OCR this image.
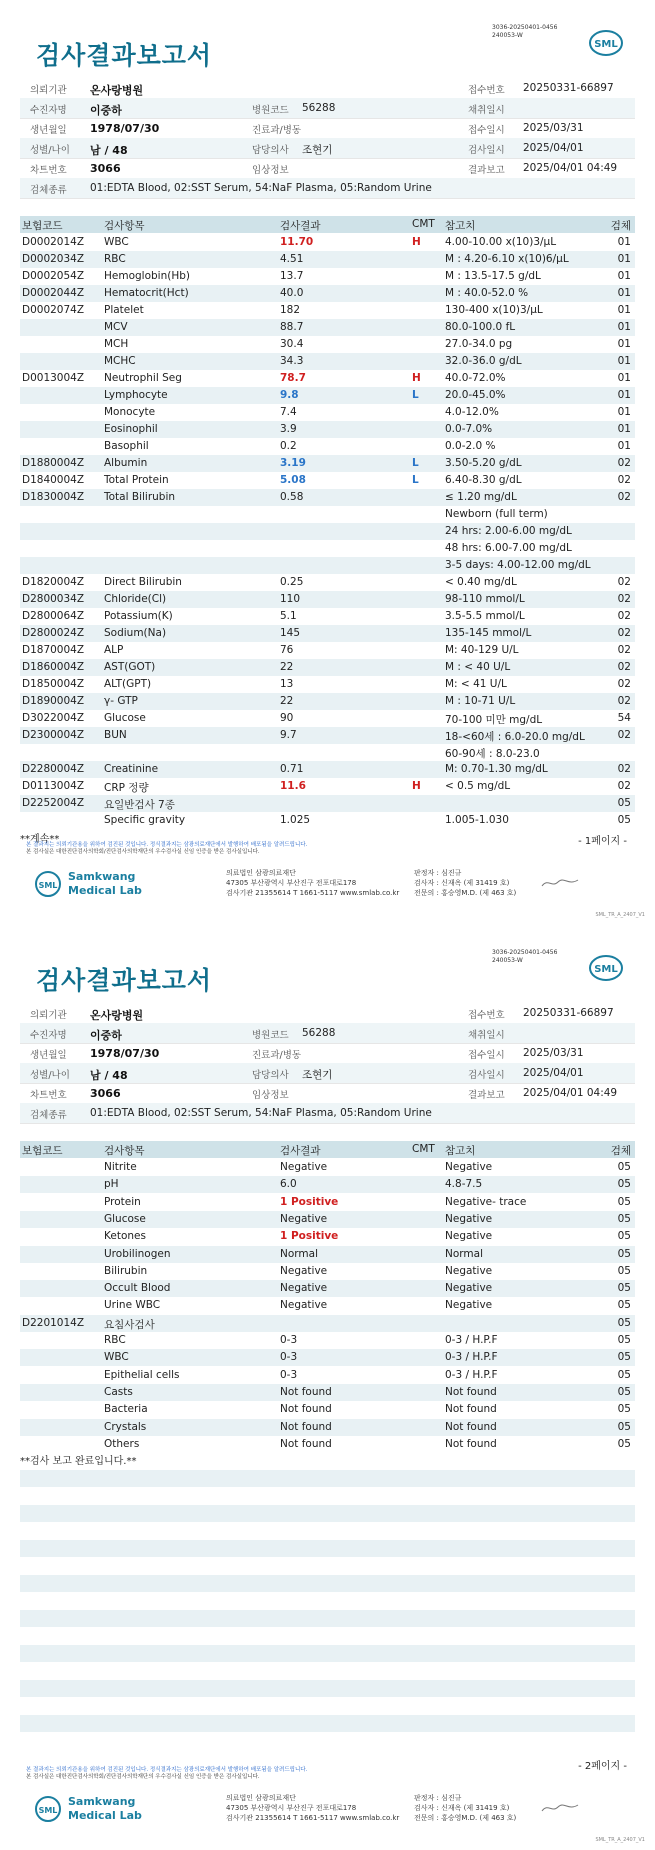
검사결과보고서
3036-20250401-0456
240053-W
SML
의뢰기관 온사랑병원	접수번호 20250331-66897
수진자명 이중하	병원코드 56288	채취일시
생년월일 1978/07/30	진료과/병동	접수일시 2025/03/31
성별/나이 남 / 48	담당의사 조현기	검사일시 2025/04/01
차트번호 3066	임상정보	결과보고 2025/04/01 04:49
검체종류 01:EDTA Blood, 02:SST Serum, 54:NaF Plasma, 05:Random Urine
보험코드	검사항목	검사결과	CMT 참고치	검체
D0002014Z WBC	11.70	H 4.00-10.00 x(10)3/μL	01
D0002034Z RBC	4.51	M : 4.20-6.10 x(10)6/μL	01
D0002054Z Hemoglobin(Hb)	13.7	M : 13.5-17.5 g/dL	01
D0002044Z Hematocrit(Hct)	40.0	M : 40.0-52.0 %	01
D0002074Z Platelet	182	130-400 x(10)3/μL	01
MCV	88.7	80.0-100.0 fL	01
MCH	30.4	27.0-34.0 pg	01
MCHC	34.3	32.0-36.0 g/dL	01
D0013004Z Neutrophil Seg	78.7	H 40.0-72.0%	01
Lymphocyte	9.8	L	20.0-45.0%	01
Monocyte	7.4	4.0-12.0%	01
Eosinophil	3.9	0.0-7.0%	01
Basophil	0.2	0.0-2.0 %	01
D1880004Z Albumin	3.19	L	3.50-5.20 g/dL	02
D1840004Z Total Protein	5.08	L	6.40-8.30 g/dL	02
D1830004Z Total Bilirubin	0.58	≤ 1.20 mg/dL	02
Newborn (full term)
24 hrs: 2.00-6.00 mg/dL
48 hrs: 6.00-7.00 mg/dL
3-5 days: 4.00-12.00 mg/dL
D1820004Z Direct Bilirubin	0.25	< 0.40 mg/dL	02
D2800034Z Chloride(Cl)	110	98-110 mmol/L	02
D2800064Z Potassium(K)	5.1	3.5-5.5 mmol/L	02
D2800024Z Sodium(Na)	145	135-145 mmol/L	02
D1870004Z ALP	76	M: 40-129 U/L	02
D1860004Z AST(GOT)	22	M : < 40 U/L	02
D1850004Z ALT(GPT)	13	M: < 41 U/L	02
D1890004Z γ- GTP	22	M : 10-71 U/L	02
D3022004Z Glucose	90	70-100 미만 mg/dL	54
D2300004Z BUN	9.7	18-<60세 : 6.0-20.0 mg/dL	02
60-90세 : 8.0-23.0
D2280004Z Creatinine	0.71	M: 0.70-1.30 mg/dL	02
D0113004Z CRP 정량	11.6	H < 0.5 mg/dL	02
D2252004Z 요일반검사 7종	05
Specific gravity	1.025	1.005-1.030	05
**계속**	- 1페이지 -
본 결과지는 의뢰기관용을 위하여 검진된 것입니다. 정식결과지는 삼광의료재단에서 발행하여 배포됨을 알려드립니다.
본 검사실은 대한진단검사의학회/진단검사의학재단의 우수검사실 신임 인증을 받은 검사실입니다.
SML
Samkwang
Medical Lab
의료법인 삼광의료재단
47305 부산광역시 부산진구 전포대로178
검사기관 21355614 T 1661-5117 www.smlab.co.kr
판정자 : 심진규
검사자 : 신재옥 (제 31419 호)
전문의 : 홍승영M.D. (제 463 호)
SML_TR_A_2407_V1
검사결과보고서
3036-20250401-0456
240053-W
SML
의뢰기관 온사랑병원	접수번호 20250331-66897
수진자명 이중하	병원코드 56288	채취일시
생년월일 1978/07/30	진료과/병동	접수일시 2025/03/31
성별/나이 남 / 48	담당의사 조현기	검사일시 2025/04/01
차트번호 3066	임상정보	결과보고 2025/04/01 04:49
검체종류 01:EDTA Blood, 02:SST Serum, 54:NaF Plasma, 05:Random Urine
보험코드	검사항목	검사결과	CMT 참고치	검체
Nitrite	Negative	Negative	05
pH	6.0	4.8-7.5	05
Protein	1 Positive	Negative- trace	05
Glucose	Negative	Negative	05
Ketones	1 Positive	Negative	05
Urobilinogen	Normal	Normal	05
Bilirubin	Negative	Negative	05
Occult Blood	Negative	Negative	05
Urine WBC	Negative	Negative	05
D2201014Z 요침사검사	05
RBC	0-3	0-3 / H.P.F	05
WBC	0-3	0-3 / H.P.F	05
Epithelial cells	0-3	0-3 / H.P.F	05
Casts	Not found	Not found	05
Bacteria	Not found	Not found	05
Crystals	Not found	Not found	05
Others	Not found	Not found	05
**검사 보고 완료입니다.**
- 2페이지 -
본 결과지는 의뢰기관용을 위하여 검진된 것입니다. 정식결과지는 삼광의료재단에서 발행하여 배포됨을 알려드립니다.
본 검사실은 대한진단검사의학회/진단검사의학재단의 우수검사실 신임 인증을 받은 검사실입니다.
SML
Samkwang
Medical Lab
의료법인 삼광의료재단
47305 부산광역시 부산진구 전포대로178
검사기관 21355614 T 1661-5117 www.smlab.co.kr
판정자 : 심진규
검사자 : 신재옥 (제 31419 호)
전문의 : 홍승영M.D. (제 463 호)
SML_TR_A_2407_V1
